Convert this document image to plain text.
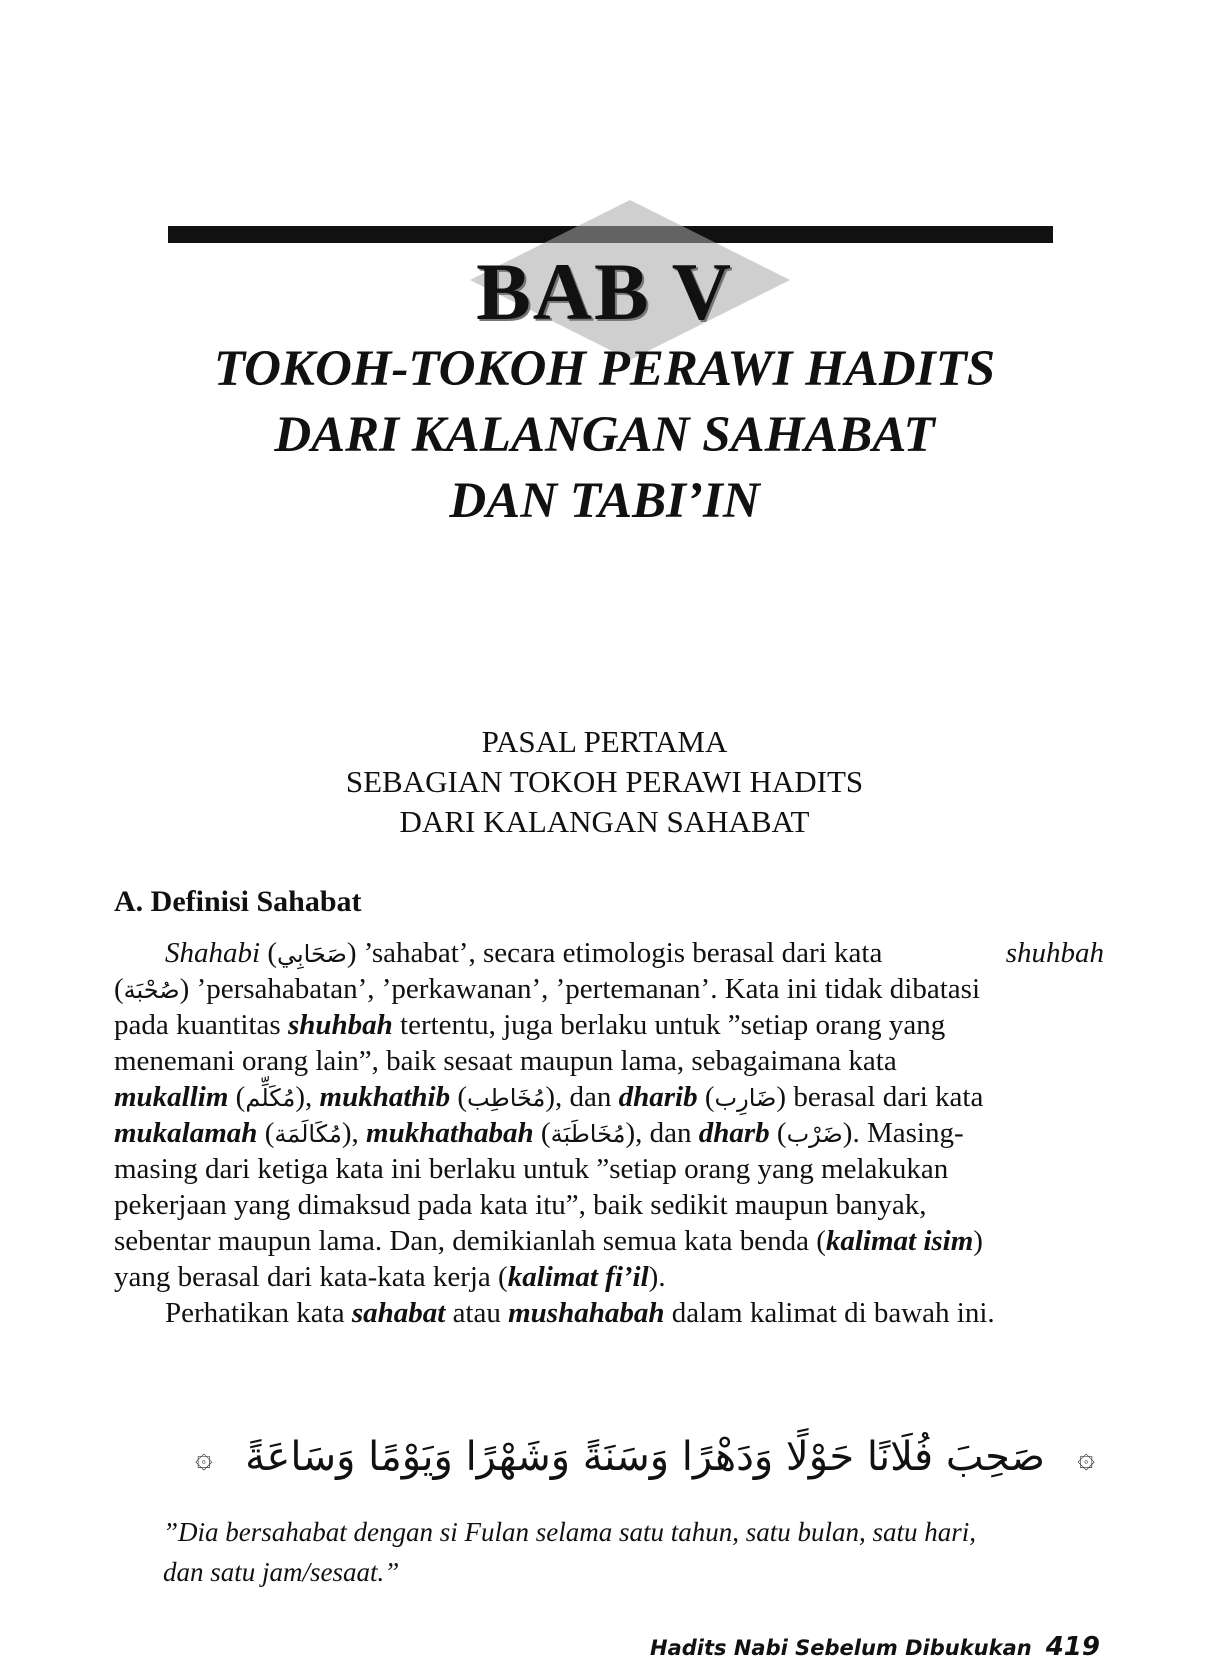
BAB V
TOKOH-TOKOH PERAWI HADITS
DARI KALANGAN SAHABAT
DAN TABI’IN
PASAL PERTAMA
SEBAGIAN TOKOH PERAWI HADITS
DARI KALANGAN SAHABAT
A. Definisi Sahabat
Shahabi (صَحَابِي) ’sahabat’, secara etimologis berasal dari kata	shuhbah
(صُحْبَة) ’persahabatan’, ’perkawanan’, ’pertemanan’. Kata ini tidak dibatasi
pada kuantitas shuhbah tertentu, juga berlaku untuk ”setiap orang yang
menemani orang lain”, baik sesaat maupun lama, sebagaimana kata
mukallim (مُكَلِّم), mukhathib (مُخَاطِب), dan dharib (ضَارِب) berasal dari kata
mukalamah (مُكَالَمَة), mukhathabah (مُخَاطَبَة), dan dharb (ضَرْب). Masing-
masing dari ketiga kata ini berlaku untuk ”setiap orang yang melakukan
pekerjaan yang dimaksud pada kata itu”, baik sedikit maupun banyak,
sebentar maupun lama. Dan, demikianlah semua kata benda (kalimat isim)
yang berasal dari kata-kata kerja (kalimat fi’il).
Perhatikan kata sahabat atau mushahabah dalam kalimat di bawah ini.
۞ صَحِبَ فُلَانًا حَوْلًا وَدَهْرًا وَسَنَةً وَشَهْرًا وَيَوْمًا وَسَاعَةً	۞
”Dia bersahabat dengan si Fulan selama satu tahun, satu bulan, satu hari,
dan satu jam/sesaat.”
Hadits Nabi Sebelum Dibukukan 419
